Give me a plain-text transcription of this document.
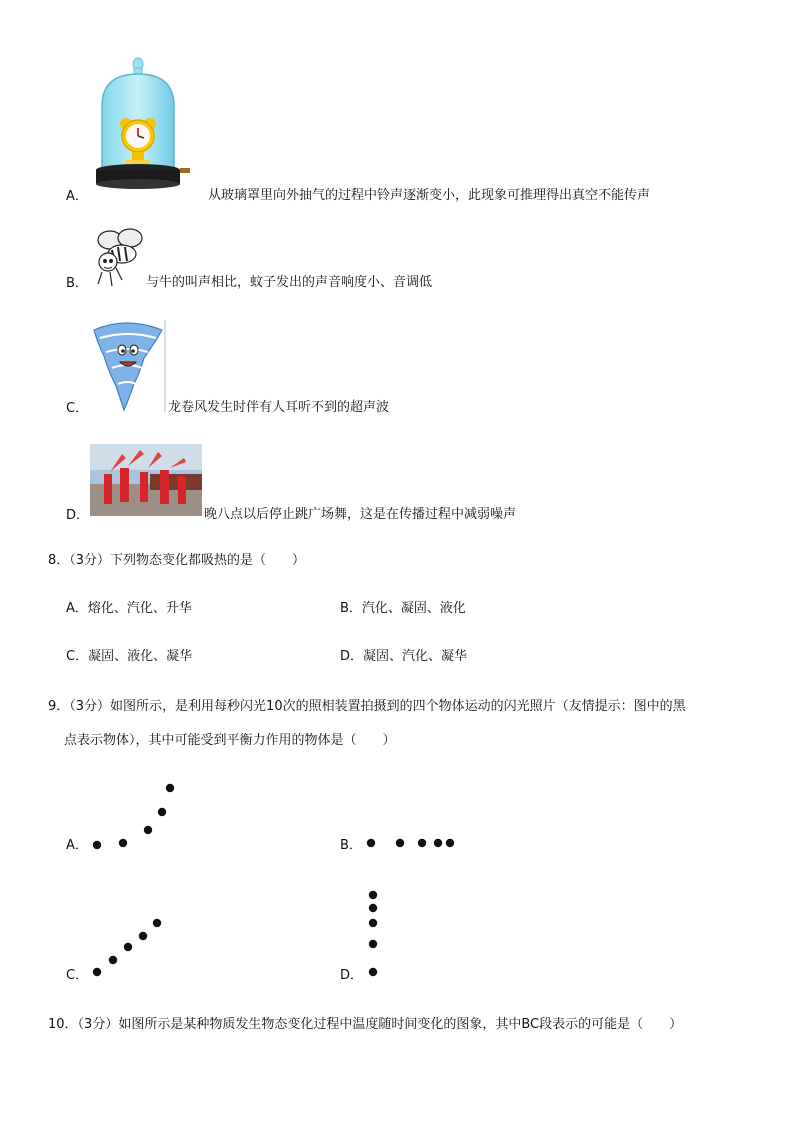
A．	从玻璃罩里向外抽气的过程中铃声逐渐变小，此现象可推理得出真空不能传声
B．	与牛的叫声相比，蚊子发出的声音响度小、音调低
C．	龙卷风发生时伴有人耳听不到的超声波
D．	晚八点以后停止跳广场舞，这是在传播过程中减弱噪声
8．（3分）下列物态变化都吸热的是（　　）
A．熔化、汽化、升华	B．汽化、凝固、液化
C．凝固、液化、凝华	D．凝固、汽化、凝华
9．（3分）如图所示，是利用每秒闪光10次的照相装置拍摄到的四个物体运动的闪光照片（友情提示：图中的黑
点表示物体），其中可能受到平衡力作用的物体是（　　）
A．	B．
C．	D．
10．（3分）如图所示是某种物质发生物态变化过程中温度随时间变化的图象，其中BC段表示的可能是（　　）
